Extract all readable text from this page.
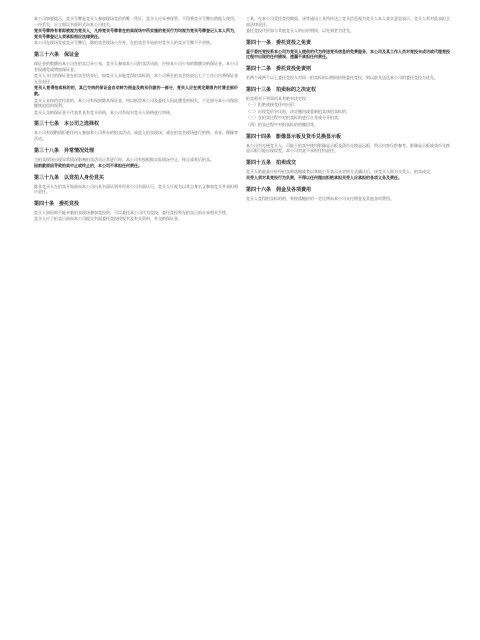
本公司如要提示，竞买号牌是竞买人参加现场竞价的唯一凭证，竞买人应妥善保管，不得将竞买号牌出借他人使用。一经丢失，应立即以书面形式向本公司挂失。
竞买号牌持有者即被视为竞买人，凡持竞买号牌者在拍卖现场中所实施的竞买行为均视为竞买号牌登记人本人所为，竞买号牌登记人须承担相应法律责任。
本公司在现场发放竞买号牌后，除拍卖会现场公告外，在拍卖会开始前对竞买人的竞买号牌不予更换。
第三十六条　保证金
保证金的数额由本公司在拍卖目录公布，竞买人参加本公司拍卖活动前，应按本公司公布的数额交纳保证金。本公司有权减免或增加保证金。
竞买人支付的保证金在拍卖会结束后，如竞买人未能竞得拍卖标的，本公司将在拍卖会结束后七个工作日内将保证金无息退还。
竞买人竞得拍卖标的的，其已交纳的保证金自动转为佣金及购买价款的一部分，竞买人应在规定期限内付清全部价款。
竞买人未按约定付款的，本公司有权扣除其保证金，用以抵偿本公司及委托人因此遭受的损失，不足部分本公司保留继续追偿的权利。
竞买人交纳保证金不代表其具有竞买资格，本公司有权对竞买人资格进行审核。
第三十七条　本公司之选择权
本公司有权酌情拒绝任何人参加本公司举办的拍卖活动，或进入拍卖现场，或在拍卖会现场进行拍照、录音、摄像等活动。
第三十八条　异常情况处理
当拍卖现场出现异常情况影响拍卖活动正常进行时，本公司有权根据实际情况中止、终止或延后拍卖。
因前款原因导致拍卖中止或终止的，本公司不承担任何责任。
第三十九条　以竞拍人身份竞买
除非竞买人在拍卖开始前向本公司出具书面证明并经本公司书面认可，竞买人应视为以其自身名义参加竞买并承担相应责任。
第四十条　委托竞投
竞买人如因故不能亲临拍卖现场参加竞投的，可以委托本公司代为竞投，委托竞投须在拍卖日前办妥相关手续。
竞买人应于拍卖日前向本公司提交书面委托竞投授权书及有关资料，并交纳保证金。
工具，在本公司受托竞投期间，该等通讯工具所传达之竞买信息视为竞买人本人真实意思表示，竞买人须对此承担全部法律责任。
委托竞投代价如与其他竞买人的出价相同，以先到者为优先。
第四十一条　委托竞投之免责
鉴于委托竞投系本公司为竞买人提供的代为传送竞买信息的免费服务，本公司及其工作人员对竞投未成功或代理竞投过程中出现的任何错误、遗漏不承担任何责任。
第四十二条　委托竞投免责则
若两个或两个以上委托竞投人对同一拍卖标的以相同价格委托竞投，则以最先送达本公司的委托竞投为优先。
第四十三条　拍卖标的之决定权
拍卖师对下列事项具有绝对决定权：
（一）拒绝或接受任何出价；
（二）出现竞价争议时，决定撤回或重新拍卖该拍卖标的；
（三）在拍卖过程中对拍卖标的进行合并或分开拍卖；
（四）拍卖过程中对拍卖标的的撤回等。
第四十四条　影像显示板及货币兑换显示板
本公司为方便竞买人，可能于拍卖中使用影像显示板及货币兑换显示板，所示内容仅供参考。影像显示板或货币兑换显示板可能出现误差，本公司对此不承担任何责任。
第四十五条　拍卖成交
竞买人的最高应价经拍卖师落槌或者以其他公开表示买定的方式确认后，该竞买人即为买受人，拍卖成交。
买受人须对其竞投行为负责，不得以任何理由拒绝承担买受人应承担的各项义务及责任。
第四十六条　佣金及各项费用
竞买人竞得拍卖标的的，须按落槌价的一定比例向本公司支付佣金及其他各项费用。
